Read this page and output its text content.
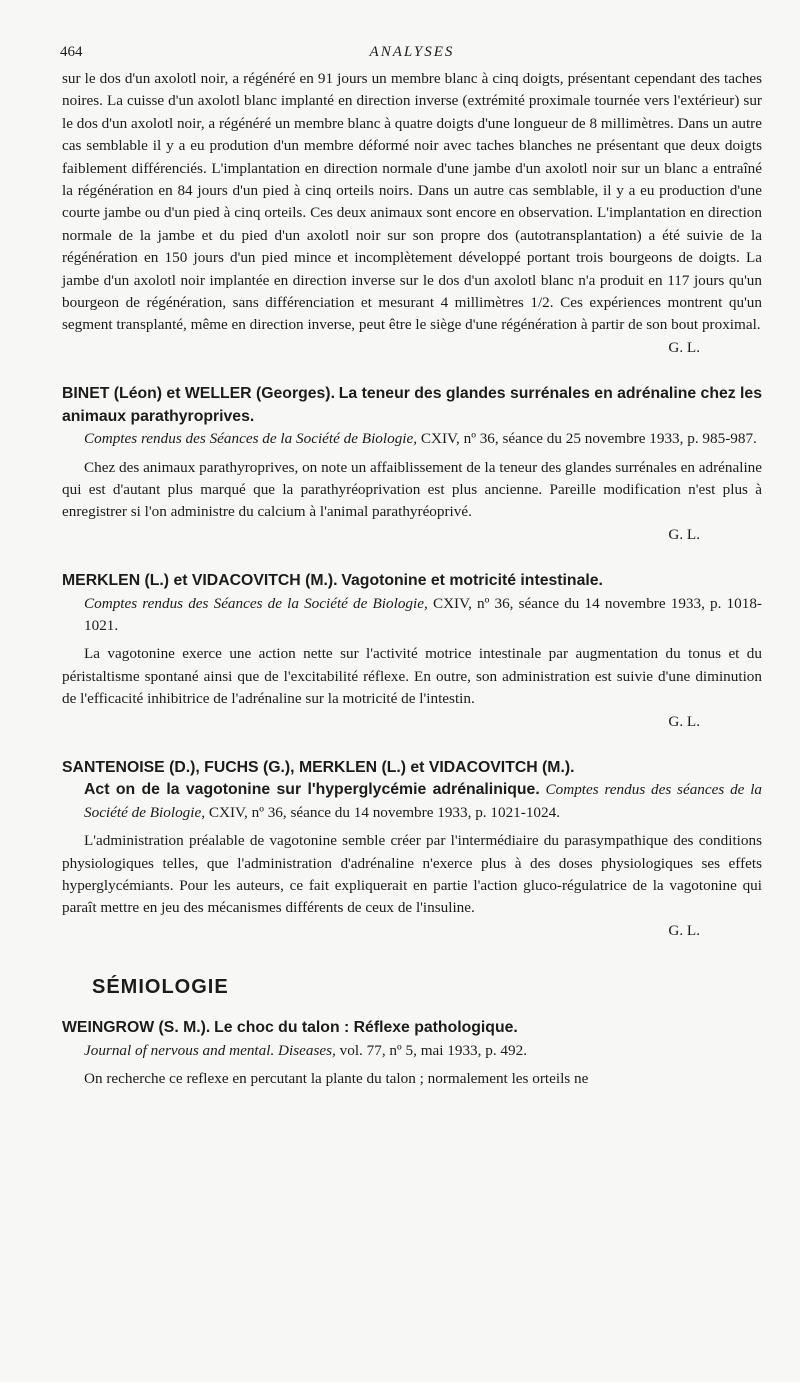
464	ANALYSES

sur le dos d'un axolotl noir, a régénéré en 91 jours un membre blanc à cinq doigts, présentant cependant des taches noires. La cuisse d'un axolotl blanc implanté en direction inverse (extrémité proximale tournée vers l'extérieur) sur le dos d'un axolotl noir, a régénéré un membre blanc à quatre doigts d'une longueur de 8 millimètres. Dans un autre cas semblable il y a eu prodution d'un membre déformé noir avec taches blanches ne présentant que deux doigts faiblement différenciés. L'implantation en direction normale d'une jambe d'un axolotl noir sur un blanc a entraîné la régénération en 84 jours d'un pied à cinq orteils noirs. Dans un autre cas semblable, il y a eu production d'une courte jambe ou d'un pied à cinq orteils. Ces deux animaux sont encore en observation. L'implantation en direction normale de la jambe et du pied d'un axolotl noir sur son propre dos (autotransplantation) a été suivie de la régénération en 150 jours d'un pied mince et incomplètement développé portant trois bourgeons de doigts. La jambe d'un axolotl noir implantée en direction inverse sur le dos d'un axolotl blanc n'a produit en 117 jours qu'un bourgeon de régénération, sans différenciation et mesurant 4 millimètres 1/2. Ces expériences montrent qu'un segment transplanté, même en direction inverse, peut être le siège d'une régénération à partir de son bout proximal.

G. L.
BINET (Léon) et WELLER (Georges). La teneur des glandes surrénales en adrénaline chez les animaux parathyroprives.
Comptes rendus des Séances de la Société de Biologie, CXIV, nº 36, séance du 25 novembre 1933, p. 985-987.

Chez des animaux parathyroprives, on note un affaiblissement de la teneur des glandes surrénales en adrénaline qui est d'autant plus marqué que la parathyréoprivation est plus ancienne. Pareille modification n'est plus à enregistrer si l'on administre du calcium à l'animal parathyréoprivé.

G. L.
MERKLEN (L.) et VIDACOVITCH (M.). Vagotonine et motricité intestinale.
Comptes rendus des Séances de la Société de Biologie, CXIV, nº 36, séance du 14 novembre 1933, p. 1018-1021.

La vagotonine exerce une action nette sur l'activité motrice intestinale par augmentation du tonus et du péristaltisme spontané ainsi que de l'excitabilité réflexe. En outre, son administration est suivie d'une diminution de l'efficacité inhibitrice de l'adrénaline sur la motricité de l'intestin.

G. L.
SANTENOISE (D.), FUCHS (G.), MERKLEN (L.) et VIDACOVITCH (M.).
Act on de la vagotonine sur l'hyperglycémie adrénalinique. Comptes rendus des séances de la Société de Biologie, CXIV, nº 36, séance du 14 novembre 1933, p. 1021-1024.

L'administration préalable de vagotonine semble créer par l'intermédiaire du parasympathique des conditions physiologiques telles, que l'administration d'adrénaline n'exerce plus à des doses physiologiques ses effets hyperglycémiants. Pour les auteurs, ce fait expliquerait en partie l'action gluco-régulatrice de la vagotonine qui paraît mettre en jeu des mécanismes différents de ceux de l'insuline.

G. L.
SÉMIOLOGIE
WEINGROW (S. M.). Le choc du talon : Réflexe pathologique.
Journal of nervous and mental. Diseases, vol. 77, nº 5, mai 1933, p. 492.

On recherche ce reflexe en percutant la plante du talon ; normalement les orteils ne
